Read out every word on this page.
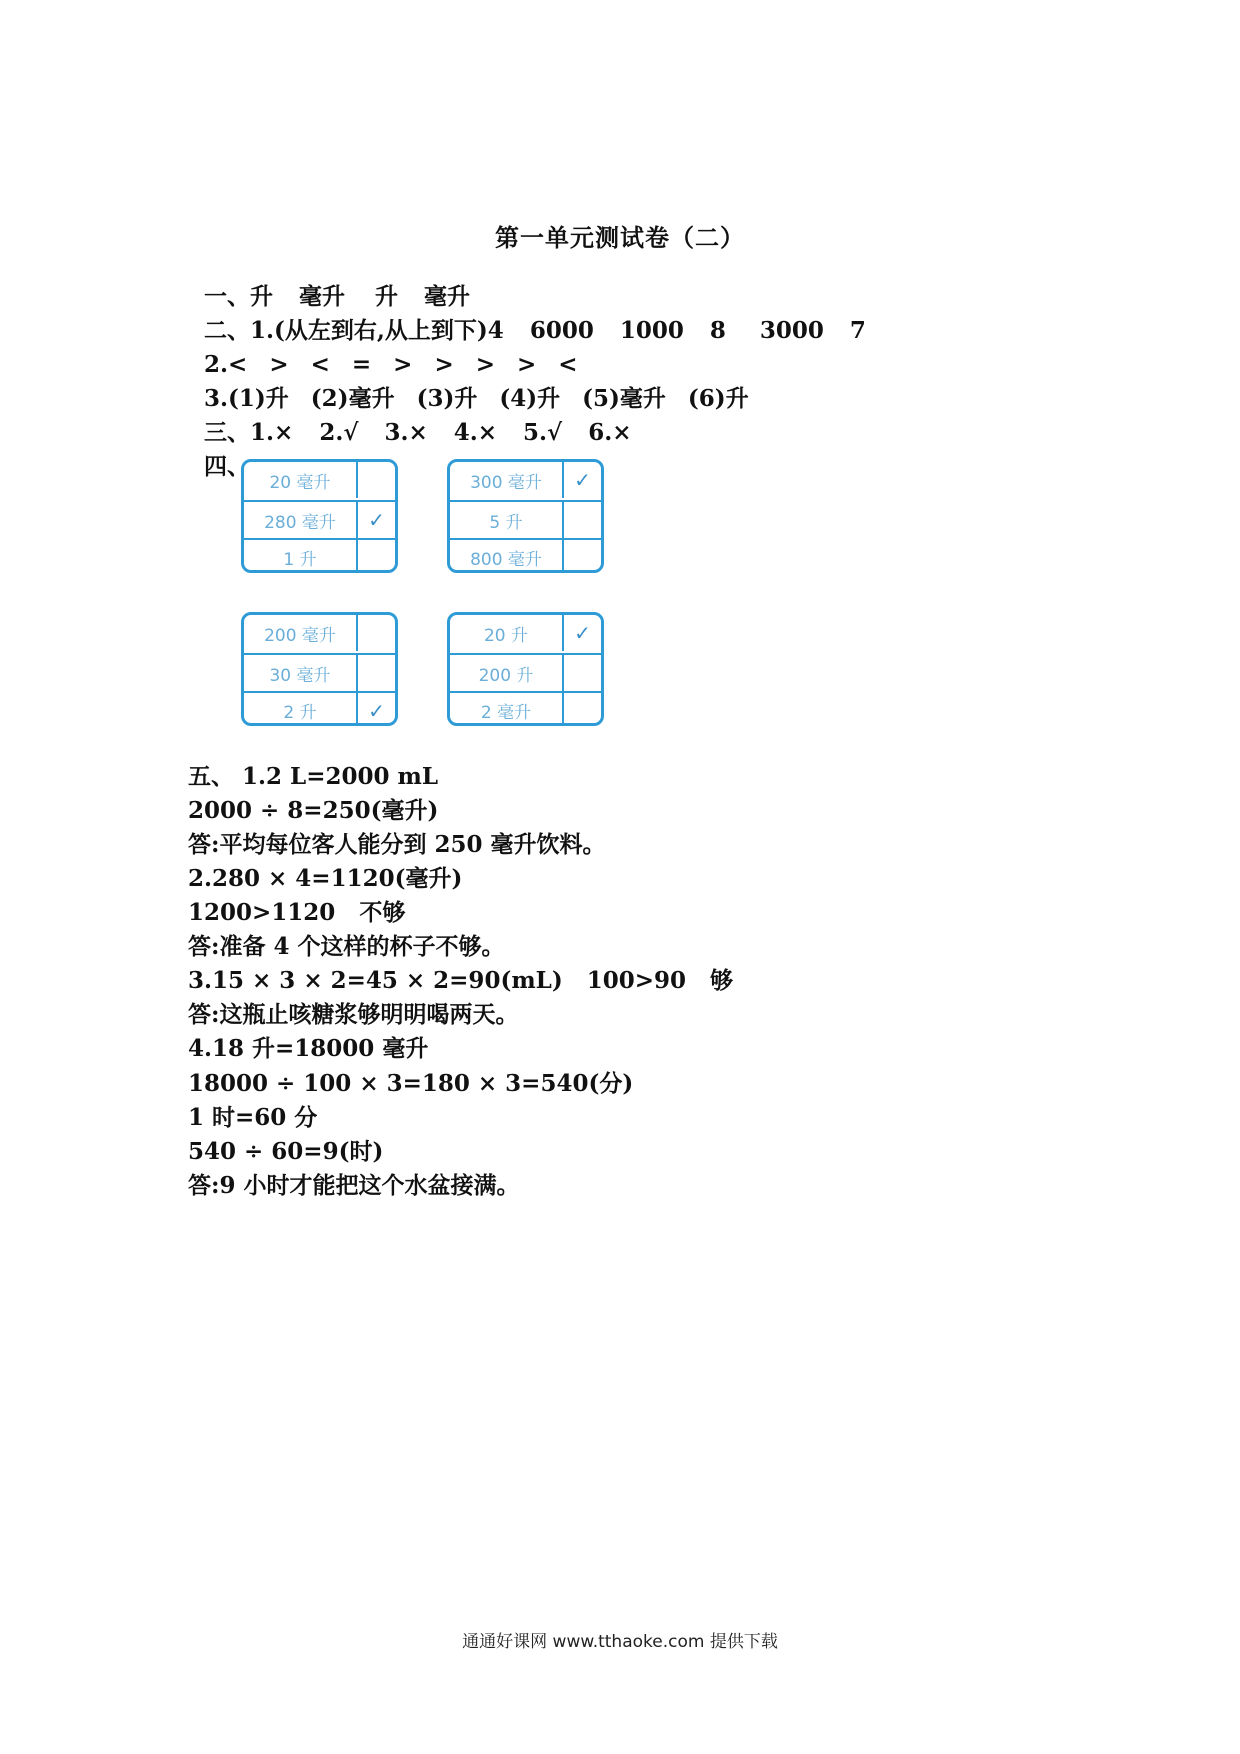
第一单元测试卷（二）

一、升 毫升 升 毫升

二、1.(从左到右,从上到下)4 6000 1000 8 3000 7

2.< > < = > > > > <

3.(1)升 (2)毫升 (3)升 (4)升 (5)毫升 (6)升

三、1.× 2.√ 3.× 4.× 5.√ 6.×

四、

20 毫升
280 毫升	✓
1 升
300 毫升	✓
5 升
800 毫升
200 毫升
30 毫升
2 升	✓
20 升	✓
200 升
2 毫升
五、 1.2 L=2000 mL
2000 ÷ 8=250(毫升)
答:平均每位客人能分到 250 毫升饮料。
2.280 × 4=1120(毫升)
1200>1120   不够
答:准备 4 个这样的杯子不够。
3.15 × 3 × 2=45 × 2=90(mL)   100>90   够
答:这瓶止咳糖浆够明明喝两天。
4.18 升=18000 毫升
18000 ÷ 100 × 3=180 × 3=540(分)
1 时=60 分
540 ÷ 60=9(时)
答:9 小时才能把这个水盆接满。
通通好课网 www.tthaoke.com 提供下载
